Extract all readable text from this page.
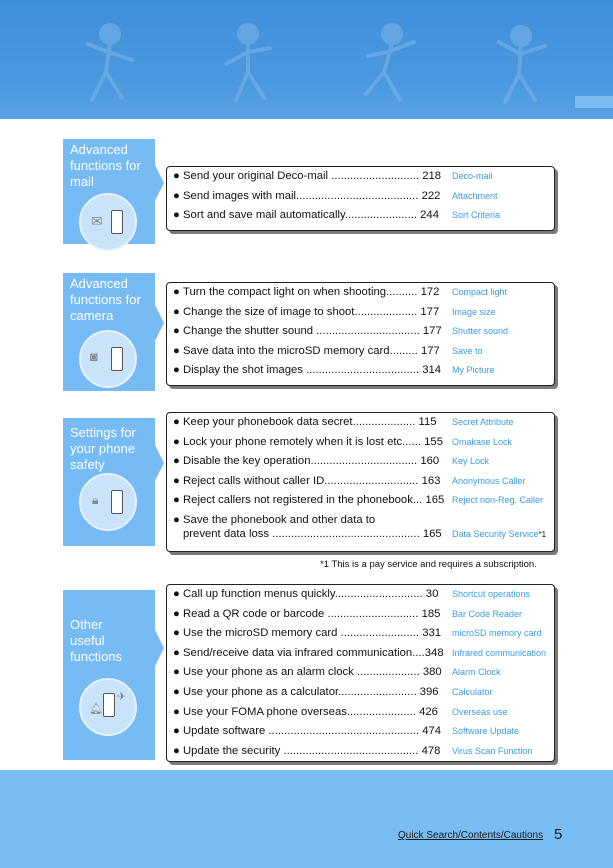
Advanced
functions for
mail
✉
● Send your original Deco-mail ............................ 218 Deco-mail
● Send images with mail....................................... 222 Attachment
● Sort and save mail automatically....................... 244 Sort Criteria
Advanced
functions for
camera
◙
● Turn the compact light on when shooting.......... 172 Compact light
● Change the size of image to shoot.................... 177 Image size
● Change the shutter sound ................................. 177 Shutter sound
● Save data into the microSD memory card......... 177 Save to
● Display the shot images .................................... 314 My Picture
Settings for
your phone
safety
🔒︎
● Keep your phonebook data secret.................... 115 Secret Attribute
● Lock your phone remotely when it is lost etc...... 155 Omakase Lock
● Disable the key operation.................................. 160 Key Lock
● Reject calls without caller ID.............................. 163 Anonymous Caller
● Reject callers not registered in the phonebook... 165 Reject non-Reg. Caller
● Save the phonebook and other data to
prevent data loss ............................................... 165 Data Security Service*1
*1 This is a pay service and requires a subscription.
Other
useful
functions
🔔︎
✈
● Call up function menus quickly............................ 30 Shortcut operations
● Read a QR code or barcode ............................. 185 Bar Code Reader
● Use the microSD memory card ......................... 331 microSD memory card
● Send/receive data via infrared communication....348 Infrared communication
● Use your phone as an alarm clock .................... 380 Alarm Clock
● Use your phone as a calculator......................... 396 Calculator
● Use your FOMA phone overseas...................... 426 Overseas use
● Update software ................................................ 474 Software Update
● Update the security ........................................... 478 Virus Scan Function
Quick Search/Contents/Cautions 5
